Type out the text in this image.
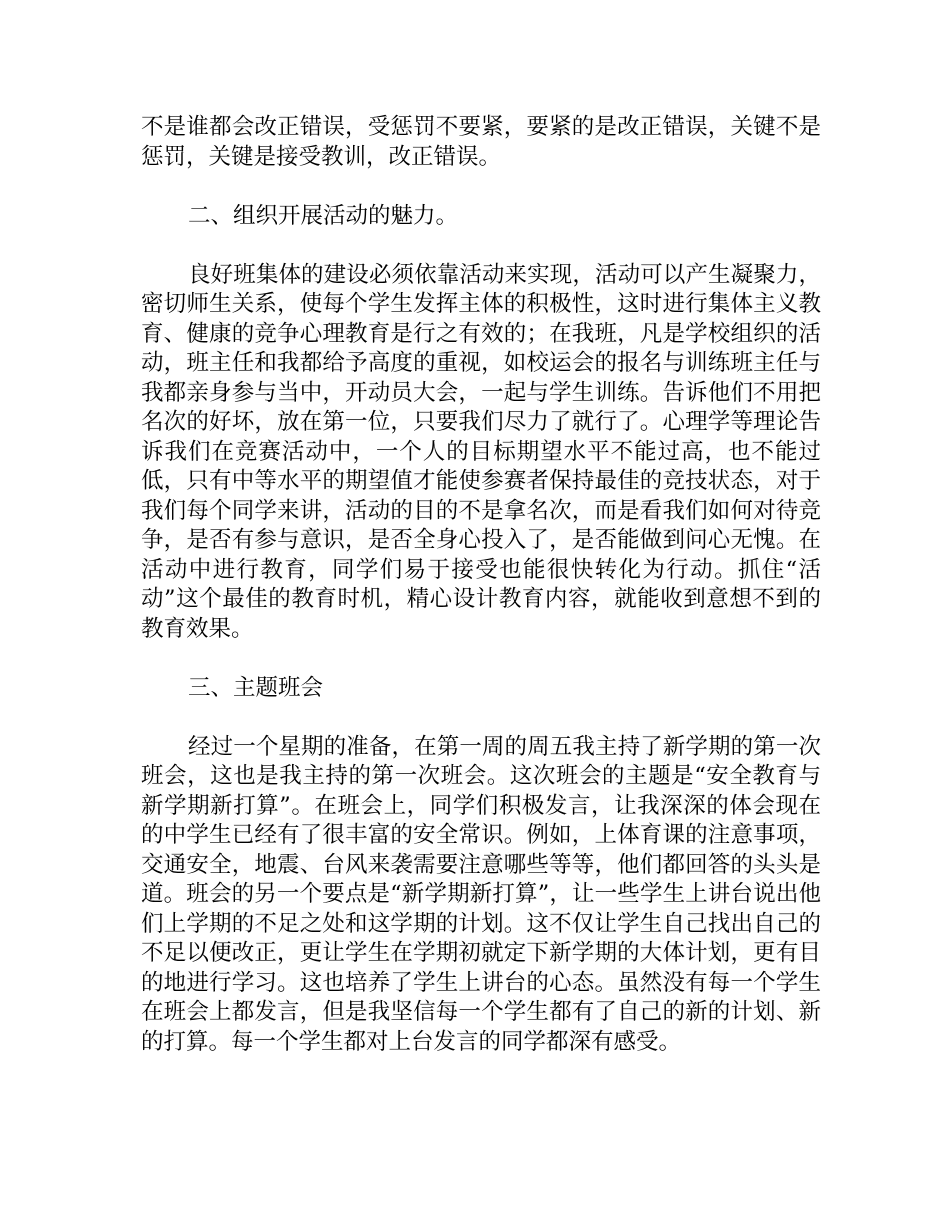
不是谁都会改正错误，受惩罚不要紧，要紧的是改正错误，关键不是惩罚，关键是接受教训，改正错误。

二、组织开展活动的魅力。

良好班集体的建设必须依靠活动来实现，活动可以产生凝聚力，密切师生关系，使每个学生发挥主体的积极性，这时进行集体主义教育、健康的竞争心理教育是行之有效的；在我班，凡是学校组织的活动，班主任和我都给予高度的重视，如校运会的报名与训练班主任与我都亲身参与当中，开动员大会，一起与学生训练。告诉他们不用把名次的好坏，放在第一位，只要我们尽力了就行了。心理学等理论告诉我们在竞赛活动中，一个人的目标期望水平不能过高，也不能过低，只有中等水平的期望值才能使参赛者保持最佳的竞技状态，对于我们每个同学来讲，活动的目的不是拿名次，而是看我们如何对待竞争，是否有参与意识，是否全身心投入了，是否能做到问心无愧。在活动中进行教育，同学们易于接受也能很快转化为行动。抓住“活动”这个最佳的教育时机，精心设计教育内容，就能收到意想不到的教育效果。

三、主题班会

经过一个星期的准备，在第一周的周五我主持了新学期的第一次班会，这也是我主持的第一次班会。这次班会的主题是“安全教育与新学期新打算”。在班会上，同学们积极发言，让我深深的体会现在的中学生已经有了很丰富的安全常识。例如，上体育课的注意事项，交通安全，地震、台风来袭需要注意哪些等等，他们都回答的头头是道。班会的另一个要点是“新学期新打算”，让一些学生上讲台说出他们上学期的不足之处和这学期的计划。这不仅让学生自己找出自己的不足以便改正，更让学生在学期初就定下新学期的大体计划，更有目的地进行学习。这也培养了学生上讲台的心态。虽然没有每一个学生在班会上都发言，但是我坚信每一个学生都有了自己的新的计划、新的打算。每一个学生都对上台发言的同学都深有感受。
